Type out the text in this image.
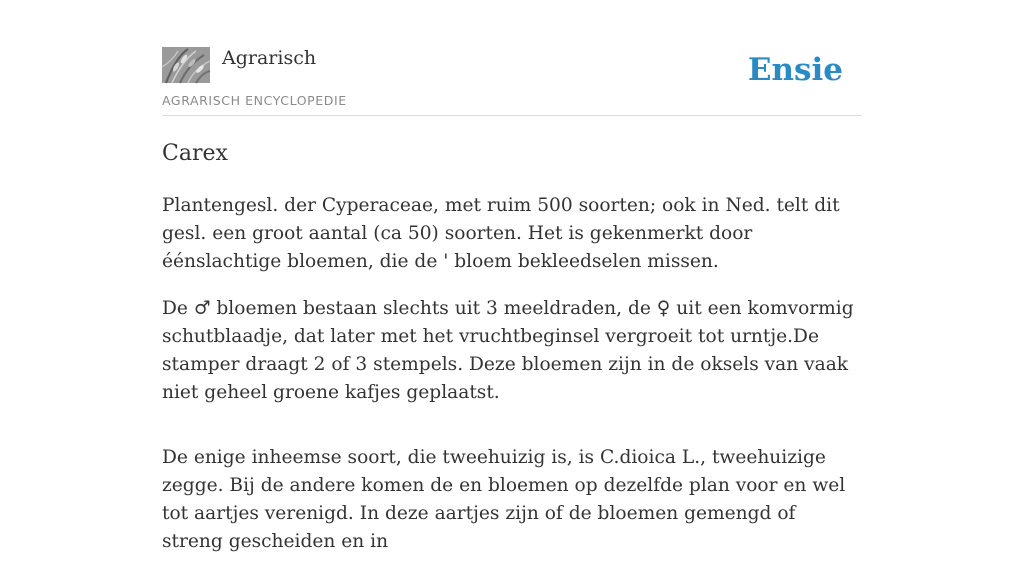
Agrarisch
AGRARISCH ENCYCLOPEDIE
Ensie
Carex

Plantengesl. der Cyperaceae, met ruim 500 soorten; ook in Ned. telt dit gesl. een groot aantal (ca 50) soorten. Het is gekenmerkt door éénslachtige bloemen, die de ' bloem bekleedselen missen.

De ♂ bloemen bestaan slechts uit 3 meeldraden, de ♀ uit een komvormig schutblaadje, dat later met het vruchtbeginsel vergroeit tot urntje.De stamper draagt 2 of 3 stempels. Deze bloemen zijn in de oksels van vaak niet geheel groene kafjes geplaatst.

De enige inheemse soort, die tweehuizig is, is C.dioica L., tweehuizige zegge. Bij de andere komen de en bloemen op dezelfde plan voor en wel tot aartjes verenigd. In deze aartjes zijn of de bloemen gemengd of streng gescheiden en in
